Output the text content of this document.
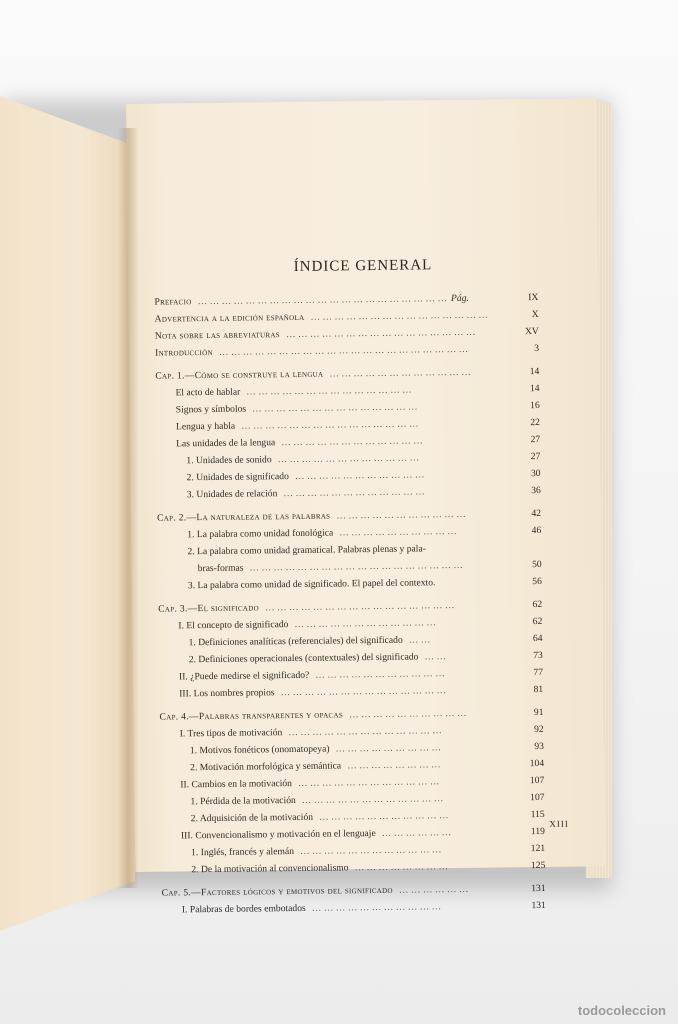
ÍNDICE GENERAL
Prefacio … … … … … … … … … … … … … … … … … … … … … Pág.	IX
Advertencia a la edición española … … … … … … … … … … … … … … …	X
Nota sobre las abreviaturas … … … … … … … … … … … … … … … …	XV
Introducción … … … … … … … … … … … … … … … … … … … … …	3
Cap. 1.—Cómo se construye la lengua … … … … … … … … … … … …	14
El acto de hablar … … … … … … … … … … … … … …	14
Signos y símbolos … … … … … … … … … … … … … …	16
Lengua y habla … … … … … … … … … … … … … … …	22
Las unidades de la lengua … … … … … … … … … … … …	27
1. Unidades de sonido … … … … … … … … … … … …	27
2. Unidades de significado … … … … … … … … … … …	30
3. Unidades de relación … … … … … … … … … … … …	36
Cap. 2.—La naturaleza de las palabras … … … … … … … … … … …	42
1. La palabra como unidad fonológica … … … … … … … … … …	46
2. La palabra como unidad gramatical. Palabras plenas y pala-
bras-formas … … … … … … … … … … … … … … … … … …	50
3. La palabra como unidad de significado. El papel del contexto.	56
Cap. 3.—El significado … … … … … … … … … … … … … … … …	62
I. El concepto de significado … … … … … … … … … … … …	62
1. Definiciones analíticas (referenciales) del significado … …	64
2. Definiciones operacionales (contextuales) del significado … …	73
II. ¿Puede medirse el significado? … … … … … … … … … … …	77
III. Los nombres propios … … … … … … … … … … … … … …	81
Cap. 4.—Palabras transparentes y opacas … … … … … … … … … …	91
I. Tres tipos de motivación … … … … … … … … … … … … …	92
1. Motivos fonéticos (onomatopeya) … … … … … … … … …	93
2. Motivación morfológica y semántica … … … … … … … …	104
II. Cambios en la motivación … … … … … … … … … … … …	107
1. Pérdida de la motivación … … … … … … … … … … … …	107
2. Adquisición de la motivación … … … … … … … … … … …	115
III. Convencionalismo y motivación en el lenguaje … … … … … …	119
1. Inglés, francés y alemán … … … … … … … … … … … …	121
2. De la motivación al convencionalismo … … … … … … … …	125
Cap. 5.—Factores lógicos y emotivos del significado … … … … … …	131
I. Palabras de bordes embotados … … … … … … … … … … …	131
XIII
todocoleccion
